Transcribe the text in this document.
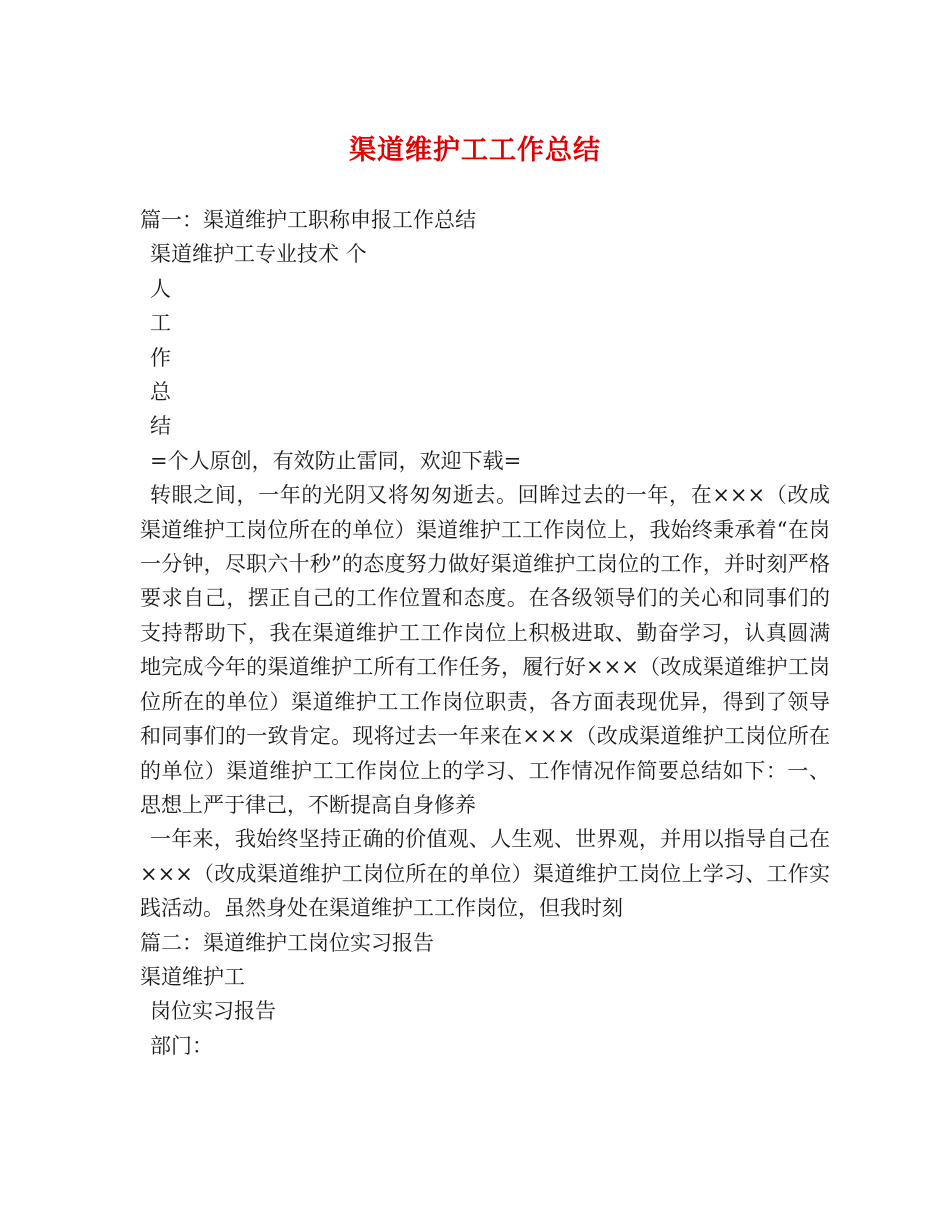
渠道维护工工作总结
篇一：渠道维护工职称申报工作总结
渠道维护工专业技术 个
人
工
作
总
结
=个人原创，有效防止雷同，欢迎下载=
转眼之间，一年的光阴又将匆匆逝去。回眸过去的一年，在×××（改成渠道维护工岗位所在的单位）渠道维护工工作岗位上，我始终秉承着“在岗一分钟，尽职六十秒”的态度努力做好渠道维护工岗位的工作，并时刻严格要求自己，摆正自己的工作位置和态度。在各级领导们的关心和同事们的支持帮助下，我在渠道维护工工作岗位上积极进取、勤奋学习，认真圆满地完成今年的渠道维护工所有工作任务，履行好×××（改成渠道维护工岗位所在的单位）渠道维护工工作岗位职责，各方面表现优异，得到了领导和同事们的一致肯定。现将过去一年来在×××（改成渠道维护工岗位所在的单位）渠道维护工工作岗位上的学习、工作情况作简要总结如下：一、思想上严于律己，不断提高自身修养
一年来，我始终坚持正确的价值观、人生观、世界观，并用以指导自己在×××（改成渠道维护工岗位所在的单位）渠道维护工岗位上学习、工作实践活动。虽然身处在渠道维护工工作岗位，但我时刻
篇二：渠道维护工岗位实习报告
渠道维护工
岗位实习报告
部门：
